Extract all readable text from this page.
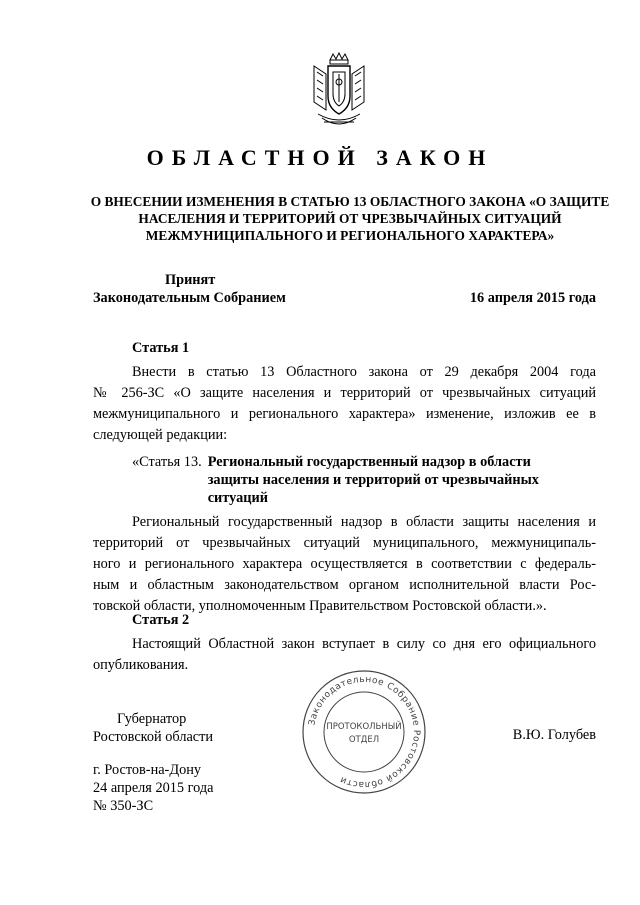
ОБЛАСТНОЙ ЗАКОН
О ВНЕСЕНИИ ИЗМЕНЕНИЯ В СТАТЬЮ 13 ОБЛАСТНОГО ЗАКОНА «О ЗАЩИТЕ
НАСЕЛЕНИЯ И ТЕРРИТОРИЙ ОТ ЧРЕЗВЫЧАЙНЫХ СИТУАЦИЙ
МЕЖМУНИЦИПАЛЬНОГО И РЕГИОНАЛЬНОГО ХАРАКТЕРА»
Принят
Законодательным Собранием	16 апреля 2015 года
Статья 1
Внести в статью 13 Областного закона от 29 декабря 2004 года
№ 256-ЗС «О защите населения и территорий от чрезвычайных ситуаций
межмуниципального и регионального характера» изменение, изложив ее в
следующей редакции:
«Статья 13. Региональный государственный надзор в области
защиты населения и территорий от чрезвычайных
ситуаций
Региональный государственный надзор в области защиты населения и
территорий от чрезвычайных ситуаций муниципального, межмуниципаль-
ного и регионального характера осуществляется в соответствии с федераль-
ным и областным законодательством органом исполнительной власти Рос-
товской области, уполномоченным Правительством Ростовской области.».
Статья 2
Настоящий Областной закон вступает в силу со дня его официального
опубликования.
Губернатор
Ростовской области
Законодательное Собрание Ростовской области
ПРОТОКОЛЬНЫЙ
ОТДЕЛ	В.Ю. Голубев
г. Ростов-на-Дону
24 апреля 2015 года
№ 350-ЗС
